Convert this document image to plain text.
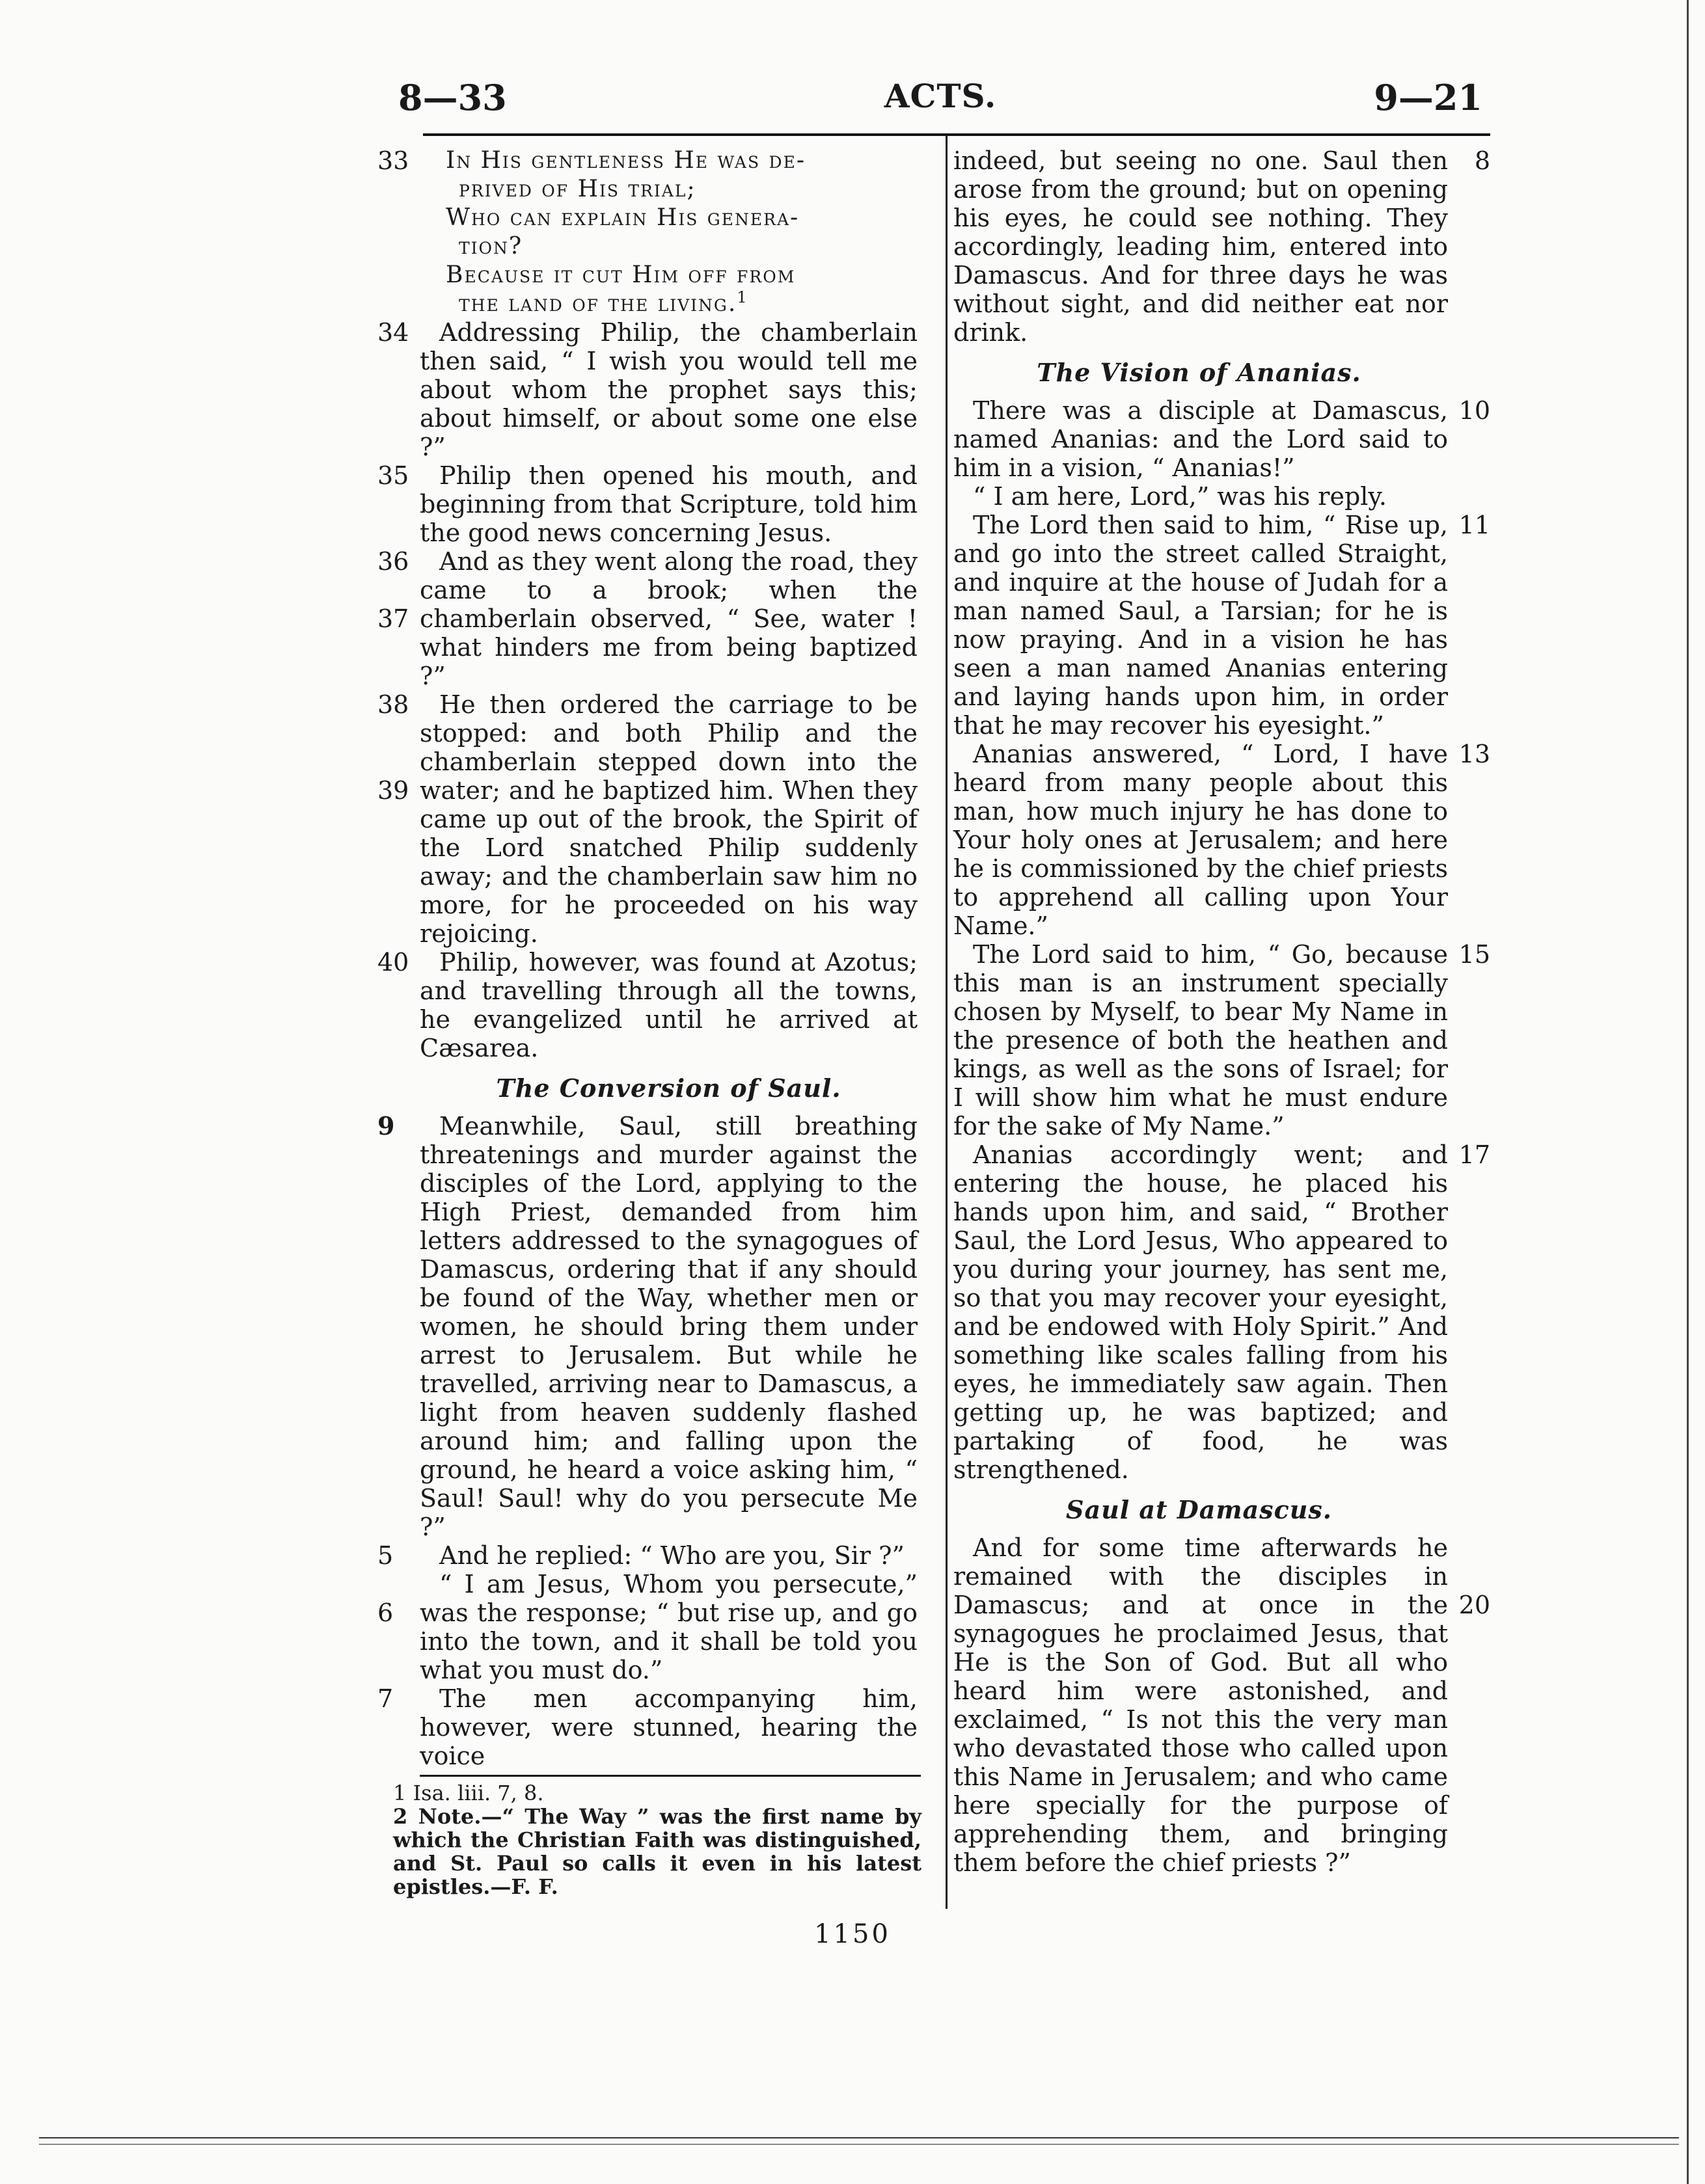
8—33	ACTS.	9—21
33	In His gentleness He was de-
prived of His trial;
Who can explain His genera-
tion?
Because it cut Him off from
the land of the living.$^1$
34	Addressing Philip, the chamberlain then said, “ I wish you would tell me about whom the prophet says this; about himself, or about some one else ?”
35	Philip then opened his mouth, and beginning from that Scripture, told him the good news concerning Jesus.
36
37
And as they went along the road, they came to a brook; when the chamberlain observed, “ See, water ! what hinders me from being baptized ?”
38
39
He then ordered the carriage to be stopped: and both Philip and the chamberlain stepped down into the water; and he baptized him. When they came up out of the brook, the Spirit of the Lord snatched Philip suddenly away; and the chamberlain saw him no more, for he proceeded on his way rejoicing.
40	Philip, however, was found at Azotus; and travelling through all the towns, he evangelized until he arrived at Cæsarea.
The Conversion of Saul.
9	Meanwhile, Saul, still breathing threatenings and murder against the disciples of the Lord, applying to the High Priest, demanded from him letters addressed to the synagogues of Damascus, ordering that if any should be found of the Way, whether men or women, he should bring them under arrest to Jerusalem. But while he travelled, arriving near to Damascus, a light from heaven suddenly flashed around him; and falling upon the ground, he heard a voice asking him, “ Saul! Saul! why do you persecute Me ?”
5	And he replied: “ Who are you, Sir ?”
6
“ I am Jesus, Whom you persecute,” was the response; “ but rise up, and go into the town, and it shall be told you what you must do.”
7	The men accompanying him, however, were stunned, hearing the voice
8
indeed, but seeing no one. Saul then arose from the ground; but on opening his eyes, he could see nothing. They accordingly, leading him, entered into Damascus. And for three days he was without sight, and did neither eat nor drink.
The Vision of Ananias.
10
There was a disciple at Damascus, named Ananias: and the Lord said to him in a vision, “ Ananias!”
“ I am here, Lord,” was his reply.
11
The Lord then said to him, “ Rise up, and go into the street called Straight, and inquire at the house of Judah for a man named Saul, a Tarsian; for he is now praying. And in a vision he has seen a man named Ananias entering and laying hands upon him, in order that he may recover his eyesight.”
13
Ananias answered, “ Lord, I have heard from many people about this man, how much injury he has done to Your holy ones at Jerusalem; and here he is commissioned by the chief priests to apprehend all calling upon Your Name.”
15
The Lord said to him, “ Go, because this man is an instrument specially chosen by Myself, to bear My Name in the presence of both the heathen and kings, as well as the sons of Israel; for I will show him what he must endure for the sake of My Name.”
17
Ananias accordingly went; and entering the house, he placed his hands upon him, and said, “ Brother Saul, the Lord Jesus, Who appeared to you during your journey, has sent me, so that you may recover your eyesight, and be endowed with Holy Spirit.” And something like scales falling from his eyes, he immediately saw again. Then getting up, he was baptized; and partaking of food, he was strengthened.
Saul at Damascus.
20
And for some time afterwards he remained with the disciples in Damascus; and at once in the synagogues he proclaimed Jesus, that He is the Son of God. But all who heard him were astonished, and exclaimed, “ Is not this the very man who devastated those who called upon this Name in Jerusalem; and who came here specially for the purpose of apprehending them, and bringing them before the chief priests ?”

1 Isa. liii. 7, 8.

2 Note.—“ The Way ” was the first name by which the Christian Faith was distinguished, and St. Paul so calls it even in his latest epistles.—F. F.

1150
